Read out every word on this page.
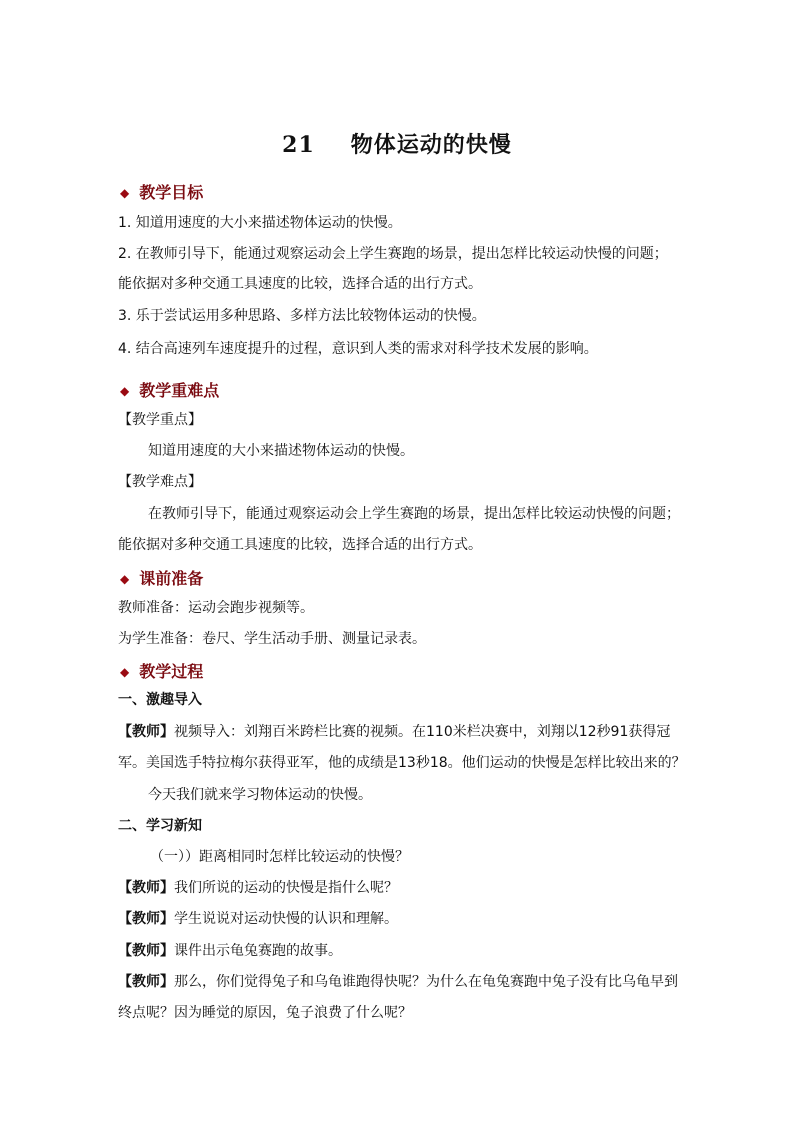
21 物体运动的快慢
◆ 教学目标
1. 知道用速度的大小来描述物体运动的快慢。
2. 在教师引导下，能通过观察运动会上学生赛跑的场景，提出怎样比较运动快慢的问题；
能依据对多种交通工具速度的比较，选择合适的出行方式。
3. 乐于尝试运用多种思路、多样方法比较物体运动的快慢。
4. 结合高速列车速度提升的过程，意识到人类的需求对科学技术发展的影响。
◆ 教学重难点
【教学重点】
知道用速度的大小来描述物体运动的快慢。
【教学难点】
在教师引导下，能通过观察运动会上学生赛跑的场景，提出怎样比较运动快慢的问题；
能依据对多种交通工具速度的比较，选择合适的出行方式。
◆ 课前准备
教师准备：运动会跑步视频等。
为学生准备：卷尺、学生活动手册、测量记录表。
◆ 教学过程
一、激趣导入
【教师】视频导入：刘翔百米跨栏比赛的视频。在110米栏决赛中，刘翔以12秒91获得冠
军。美国选手特拉梅尔获得亚军，他的成绩是13秒18。他们运动的快慢是怎样比较出来的？
今天我们就来学习物体运动的快慢。
二、学习新知
（一））距离相同时怎样比较运动的快慢？
【教师】我们所说的运动的快慢是指什么呢？
【教师】学生说说对运动快慢的认识和理解。
【教师】课件出示龟兔赛跑的故事。
【教师】那么，你们觉得兔子和乌龟谁跑得快呢？为什么在龟兔赛跑中兔子没有比乌龟早到
终点呢？因为睡觉的原因，兔子浪费了什么呢？
